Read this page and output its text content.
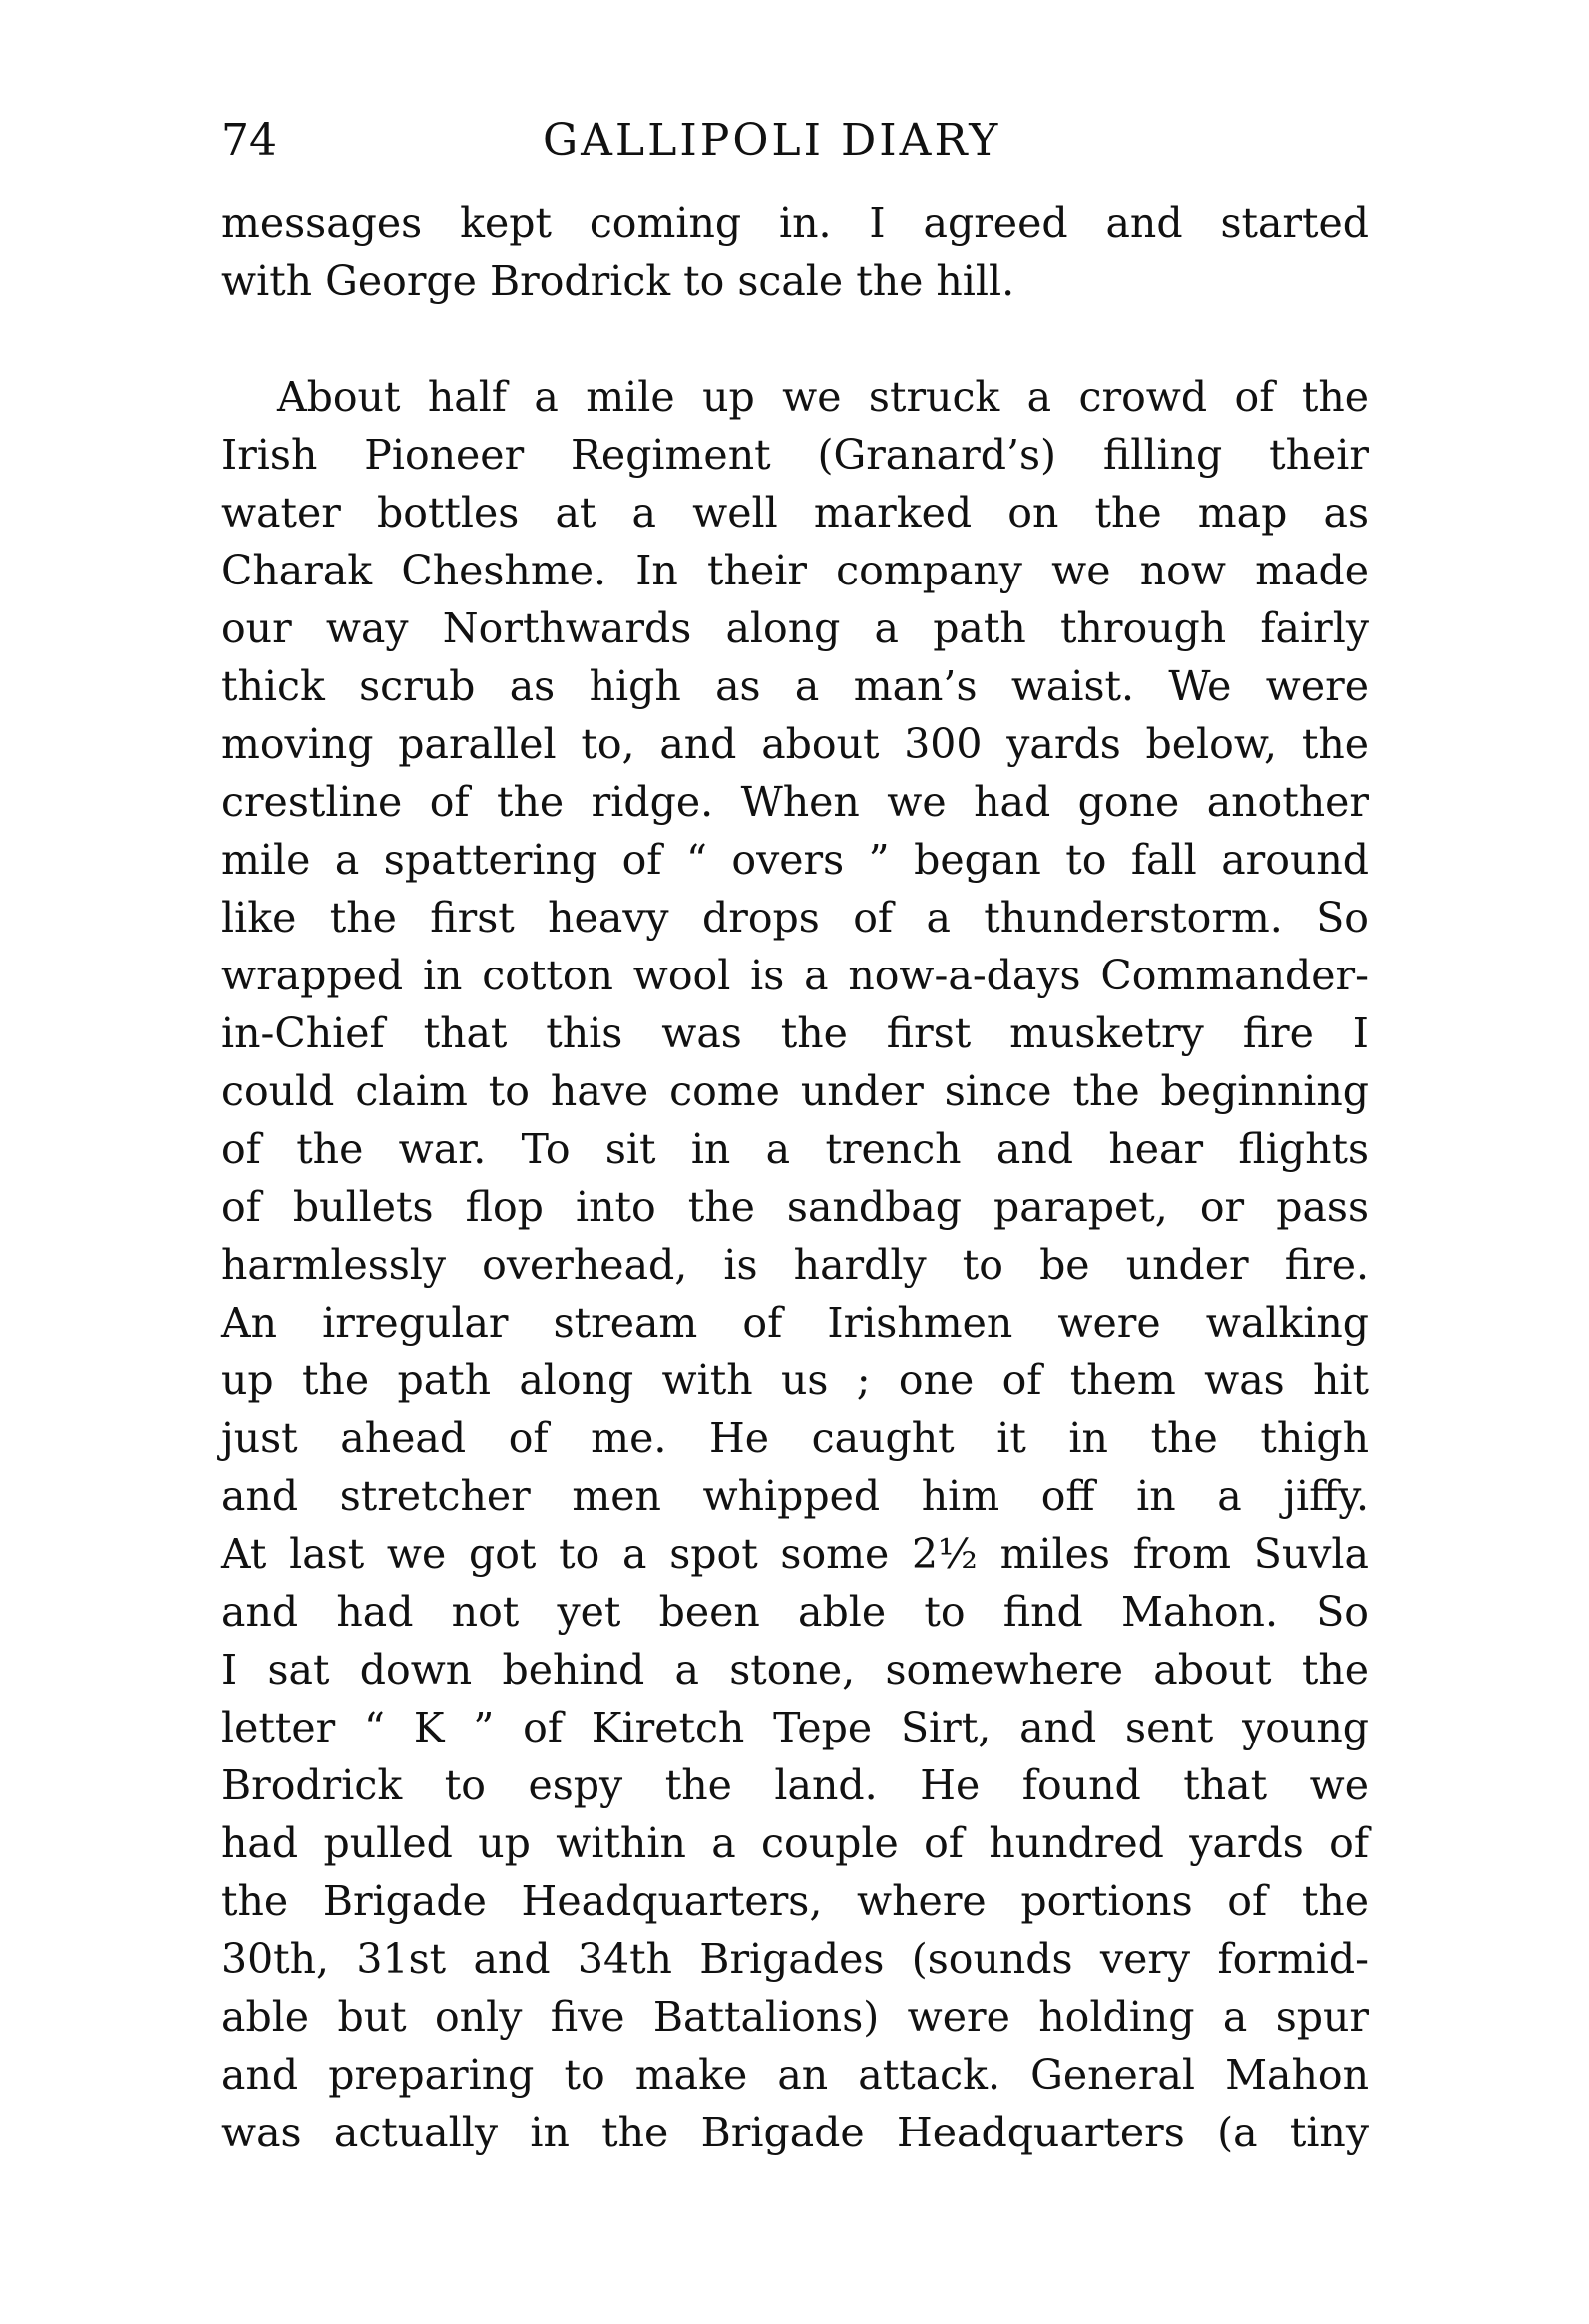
74	GALLIPOLI DIARY
messages kept coming in. I agreed and started
with George Brodrick to scale the hill.
About half a mile up we struck a crowd of the
Irish Pioneer Regiment (Granard’s) filling their
water bottles at a well marked on the map as
Charak Cheshme. In their company we now made
our way Northwards along a path through fairly
thick scrub as high as a man’s waist. We were
moving parallel to, and about 300 yards below, the
crestline of the ridge. When we had gone another
mile a spattering of “ overs ” began to fall around
like the first heavy drops of a thunderstorm. So
wrapped in cotton wool is a now-a-days Commander-
in-Chief that this was the first musketry fire I
could claim to have come under since the beginning
of the war. To sit in a trench and hear flights
of bullets flop into the sandbag parapet, or pass
harmlessly overhead, is hardly to be under fire.
An irregular stream of Irishmen were walking
up the path along with us ; one of them was hit
just ahead of me. He caught it in the thigh
and stretcher men whipped him off in a jiffy.
At last we got to a spot some 2½ miles from Suvla
and had not yet been able to find Mahon. So
I sat down behind a stone, somewhere about the
letter “ K ” of Kiretch Tepe Sirt, and sent young
Brodrick to espy the land. He found that we
had pulled up within a couple of hundred yards of
the Brigade Headquarters, where portions of the
30th, 31st and 34th Brigades (sounds very formid-
able but only five Battalions) were holding a spur
and preparing to make an attack. General Mahon
was actually in the Brigade Headquarters (a tiny
